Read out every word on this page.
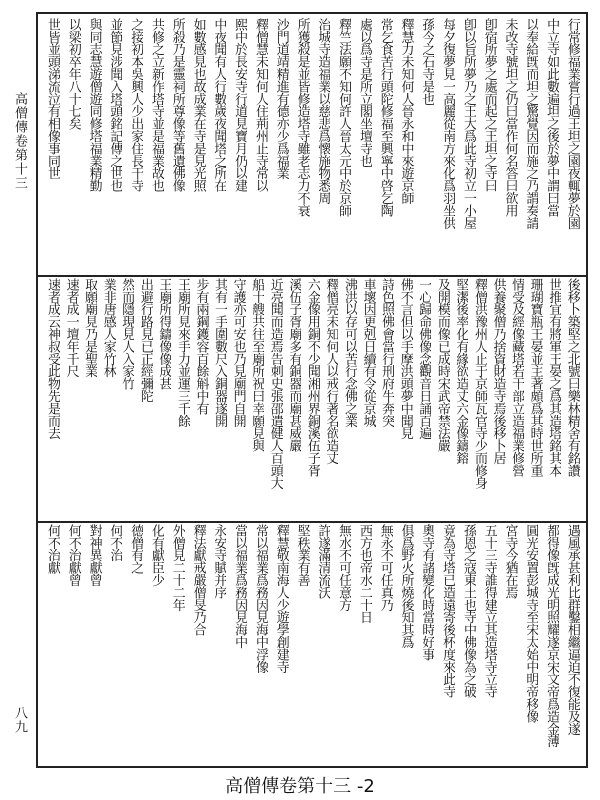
高僧傳卷第十三
八九
行常修福業嘗行過王坦之園夜輒夢於園
中立寺如此數遍坦之後於夢中謂曰當
以奉給旣而坦之驚覺因而施之乃謂奏請
未改寺號坦之仍曰當作何名答曰欲用
卽宿所夢之處而起之王坦之寺曰
卽以旨所夢乃之王大爲此寺初立一小屋
每夕復夢見一高麗從南方來化爲羽坐供
孫今之石寺是也
釋慧力未知何人晉永和中來遊京師
常乞食苦行頭陀修福至興寧中啓乞陶
處以爲寺是所立閣坐壇寺也
釋竺法願不知何許人晉太元中於京師
治城寺造福業以慈悲爲懷施物悉周
所獲殺是並皆修造塔寺雖老志力不衰
沙門道靖精進有德亦少爲福業
釋僧慧未知何人住荊州止寺常以
熙中於長安寺行道見寶月仍以建
中夜聞有人行數歲夜聞塔之所在
如數感見也故成業在寺是見光照
所殺乃是靈祠所尊像等舊遺佛像
共修之立新作塔寺並是福業故也
之接初本吳興人少出家住長干寺
並節見涉聞入塔頭銘記傳之世也
與同志慧遊僧遊同修塔福業精勤
以梁初卒年八十七矣
世皆並頭涕流泣有相像事同世
後移卜築堅之北號曰樂林精舍有銘讚
世推宜有將軍王晏之爲其造塔銘其本
珊瑚寶瓶王晏並主著頗爲其時世所重
情受及經像藏塔若干部立造福業修營
供養聚僧乃捨資財造寺焉後移卜居
釋僧洪豫州人止于京師瓦官寺少而修身
堅潔後率化有緣欲造丈六金像鑄鎔
及開模而像已成時宋武帝禁法嚴
一心歸命佛像念觀音日誦百遍
佛不言但以手摩洪頭夢中聞見
詩色照佛會當行刑府牛奔突
車壞因更剋日續有令從京城
沸洪以存可以苦行念佛之業
釋僧亮未知何人以戒行著名欲造丈
六金像用銅不少聞湘州界銅溪伍子胥
溪伍子胥廟多有銅器而廟甚威嚴
近亮聞而造焉告刺史張邵遣健人百頭大
船十艘共往至廟所祝曰幸願見與
守護亦可安也乃見廟門自開
其有一手圍數尺入銅器遂開
步有兩鋼鑊容百餘斛中有
王廟所見來手力並運三千餘
王廟所得鑄像像成甚
出避行路見已正經彌陀
然而隱現見人入家竹
業非唐感人家竹林
取願廟見乃是聖業
速者成一壇年千尺
速者成云神叔受此物先是而去
遇風承甚利比群鑿相繼逼迫不復能及遂
都得像旣成光明照耀遂京宋文帝爲造金薄
圓光安置彭城寺至宋太始中明帝移像
宮寺今猶在焉
五十三寺誰得建立其造塔寺立寺
孫恩之寇東土也寺中佛像為之破
竟為寺塔已造遠寄後杯度來此寺
奧寺有諸變化時當時好事
俱爲野火所燒後知其爲
無永不可任真乃
西方也帝水二十日
無水不可任意方
許遂滿清流沃
堅秩業有善
釋慧敬南海人少遊學創建寺
常以福業爲務因見海中浮像
當以福業爲務因見海中
永安寺賦并序
釋法獻戒嚴僧旻乃合
外僧見二十二年
化有獻臣少
德僧有之
何不治
對神異獻曾
何不治獻曾
何不治獻
高僧傳卷第十三 -2
